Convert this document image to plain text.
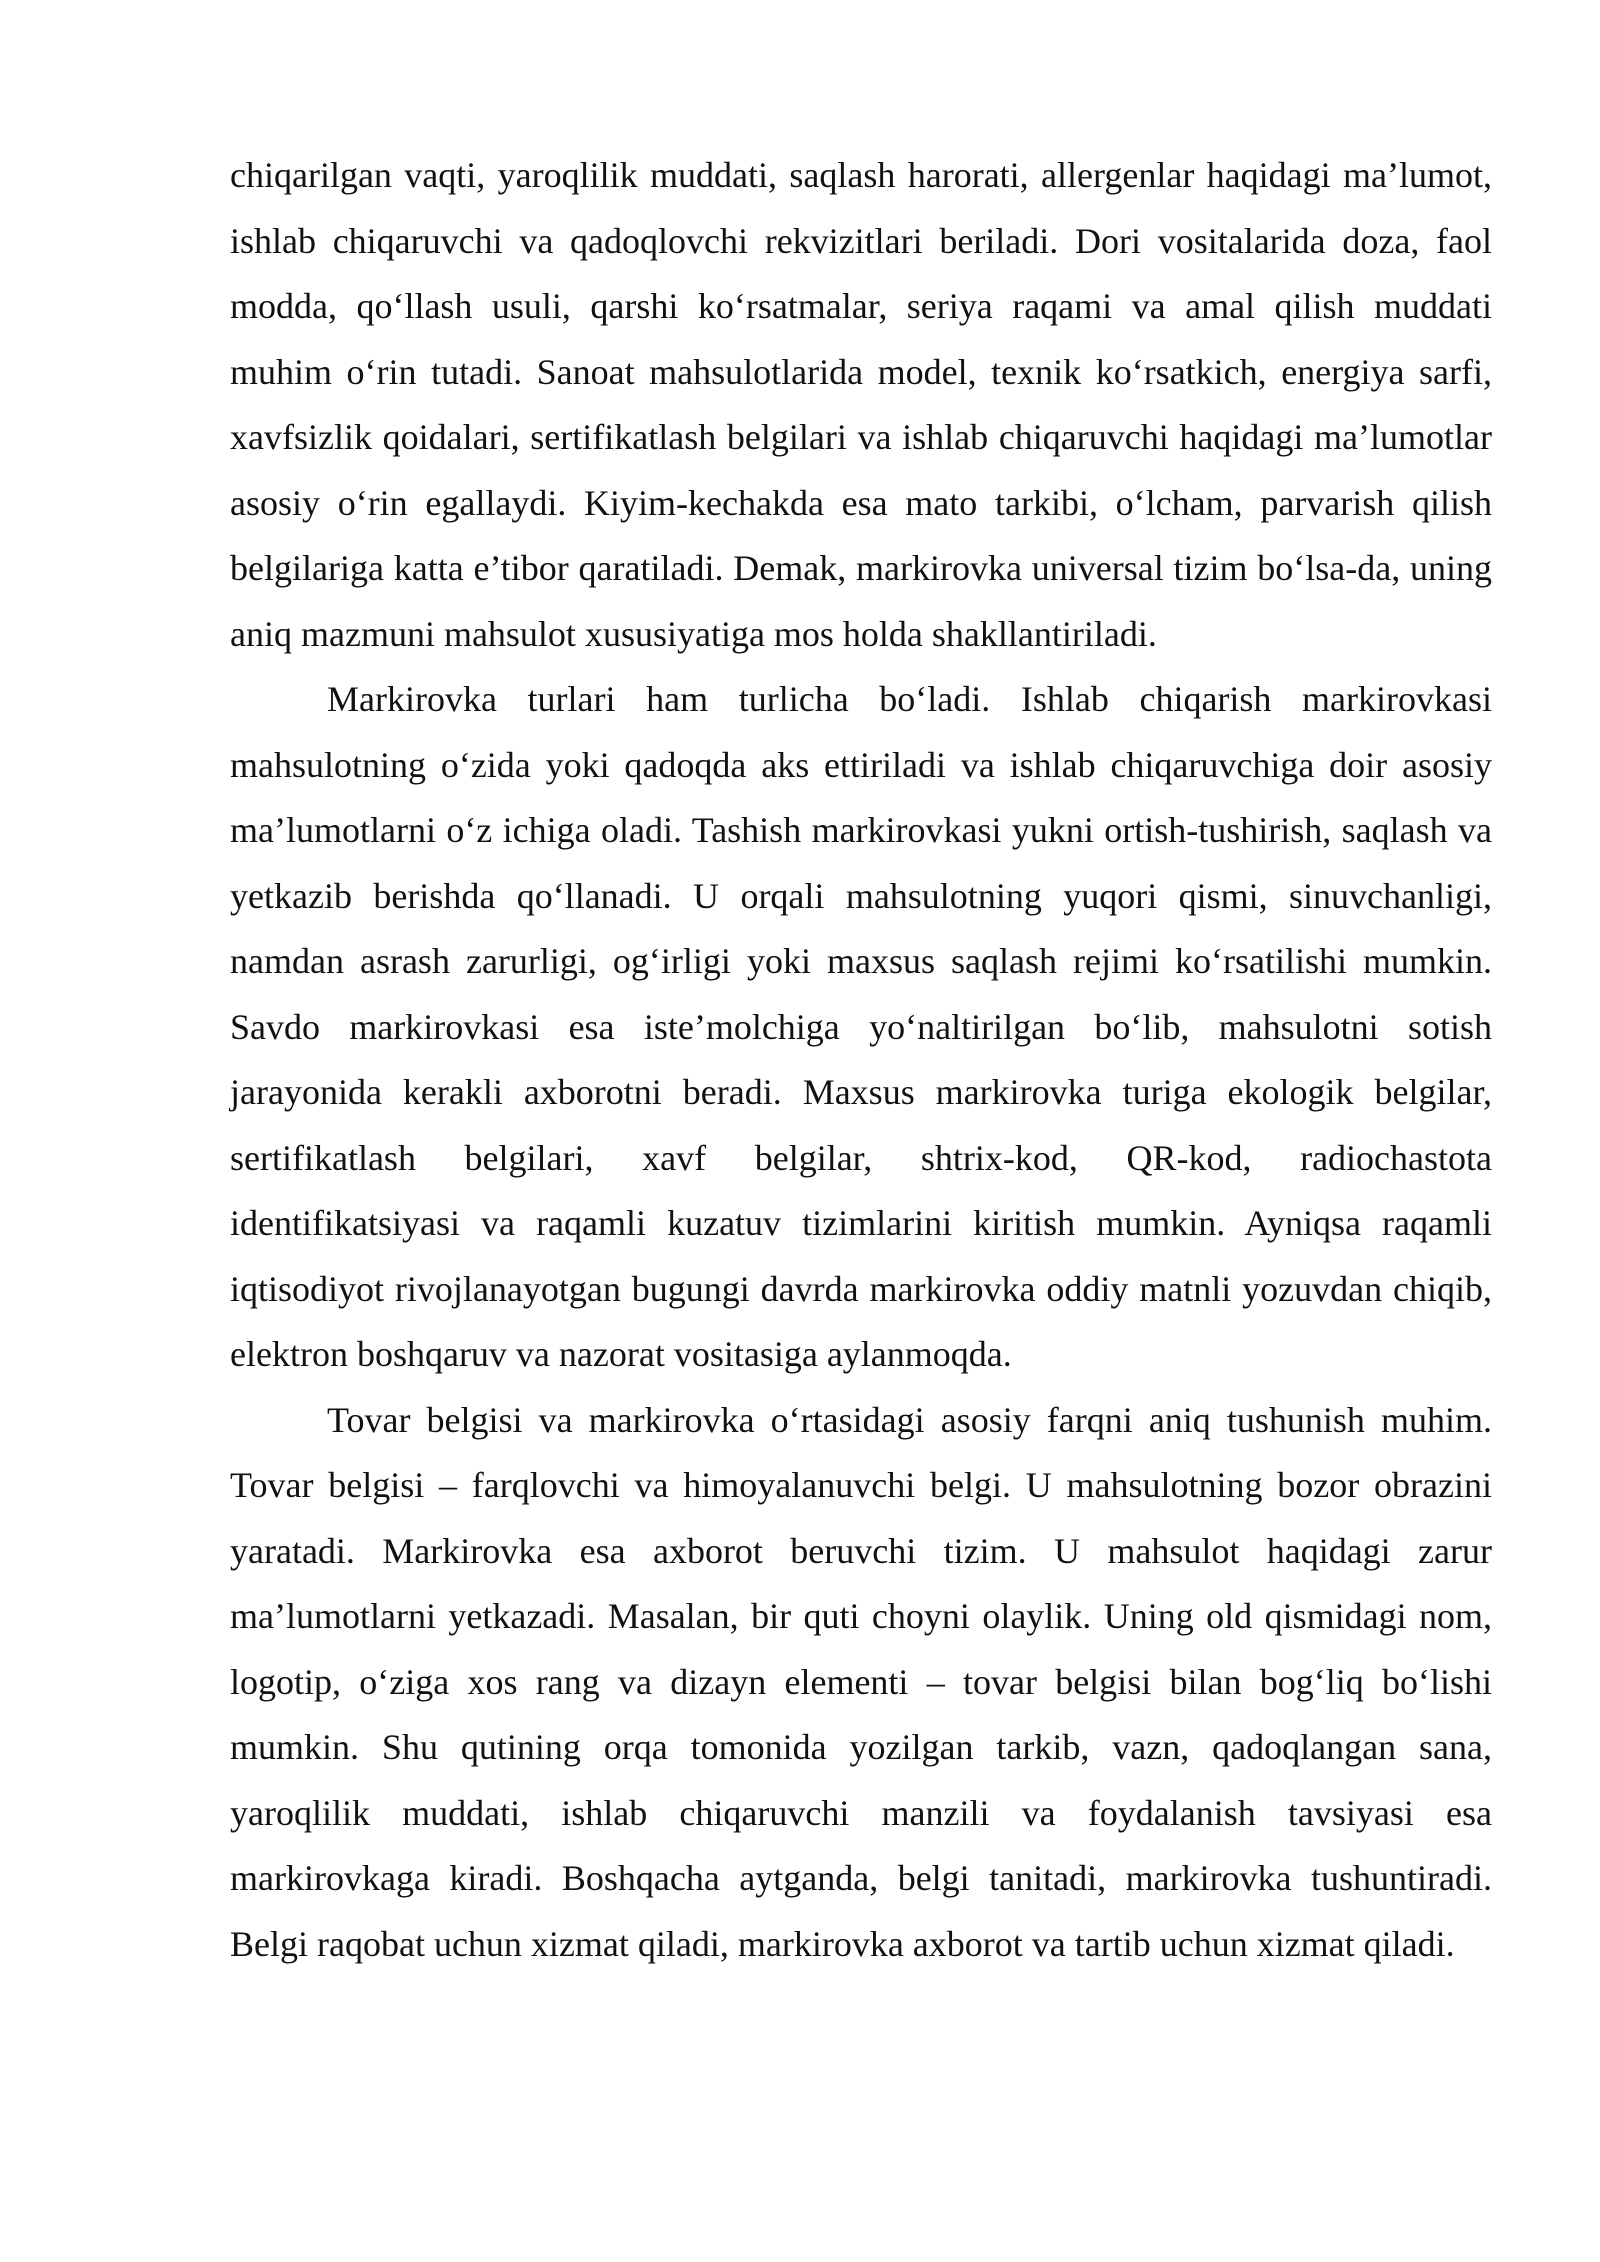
chiqarilgan vaqti, yaroqlilik muddati, saqlash harorati, allergenlar haqidagi ma’lumot, ishlab chiqaruvchi va qadoqlovchi rekvizitlari beriladi. Dori vositalarida doza, faol modda, qo‘llash usuli, qarshi ko‘rsatmalar, seriya raqami va amal qilish muddati muhim o‘rin tutadi. Sanoat mahsulotlarida model, texnik ko‘rsatkich, energiya sarfi, xavfsizlik qoidalari, sertifikatlash belgilari va ishlab chiqaruvchi haqidagi ma’lumotlar asosiy o‘rin egallaydi. Kiyim-kechakda esa mato tarkibi, o‘lcham, parvarish qilish belgilariga katta e’tibor qaratiladi. Demak, markirovka universal tizim bo‘lsa-da, uning aniq mazmuni mahsulot xususiyatiga mos holda shakllantiriladi.

Markirovka turlari ham turlicha bo‘ladi. Ishlab chiqarish markirovkasi mahsulotning o‘zida yoki qadoqda aks ettiriladi va ishlab chiqaruvchiga doir asosiy ma’lumotlarni o‘z ichiga oladi. Tashish markirovkasi yukni ortish-tushirish, saqlash va yetkazib berishda qo‘llanadi. U orqali mahsulotning yuqori qismi, sinuvchanligi, namdan asrash zarurligi, og‘irligi yoki maxsus saqlash rejimi ko‘rsatilishi mumkin. Savdo markirovkasi esa iste’molchiga yo‘naltirilgan bo‘lib, mahsulotni sotish jarayonida kerakli axborotni beradi. Maxsus markirovka turiga ekologik belgilar, sertifikatlash belgilari, xavf belgilar, shtrix-kod, QR-kod, radiochastota identifikatsiyasi va raqamli kuzatuv tizimlarini kiritish mumkin. Ayniqsa raqamli iqtisodiyot rivojlanayotgan bugungi davrda markirovka oddiy matnli yozuvdan chiqib, elektron boshqaruv va nazorat vositasiga aylanmoqda.

Tovar belgisi va markirovka o‘rtasidagi asosiy farqni aniq tushunish muhim. Tovar belgisi – farqlovchi va himoyalanuvchi belgi. U mahsulotning bozor obrazini yaratadi. Markirovka esa axborot beruvchi tizim. U mahsulot haqidagi zarur ma’lumotlarni yetkazadi. Masalan, bir quti choyni olaylik. Uning old qismidagi nom, logotip, o‘ziga xos rang va dizayn elementi – tovar belgisi bilan bog‘liq bo‘lishi mumkin. Shu qutining orqa tomonida yozilgan tarkib, vazn, qadoqlangan sana, yaroqlilik muddati, ishlab chiqaruvchi manzili va foydalanish tavsiyasi esa markirovkaga kiradi. Boshqacha aytganda, belgi tanitadi, markirovka tushuntiradi. Belgi raqobat uchun xizmat qiladi, markirovka axborot va tartib uchun xizmat qiladi.
